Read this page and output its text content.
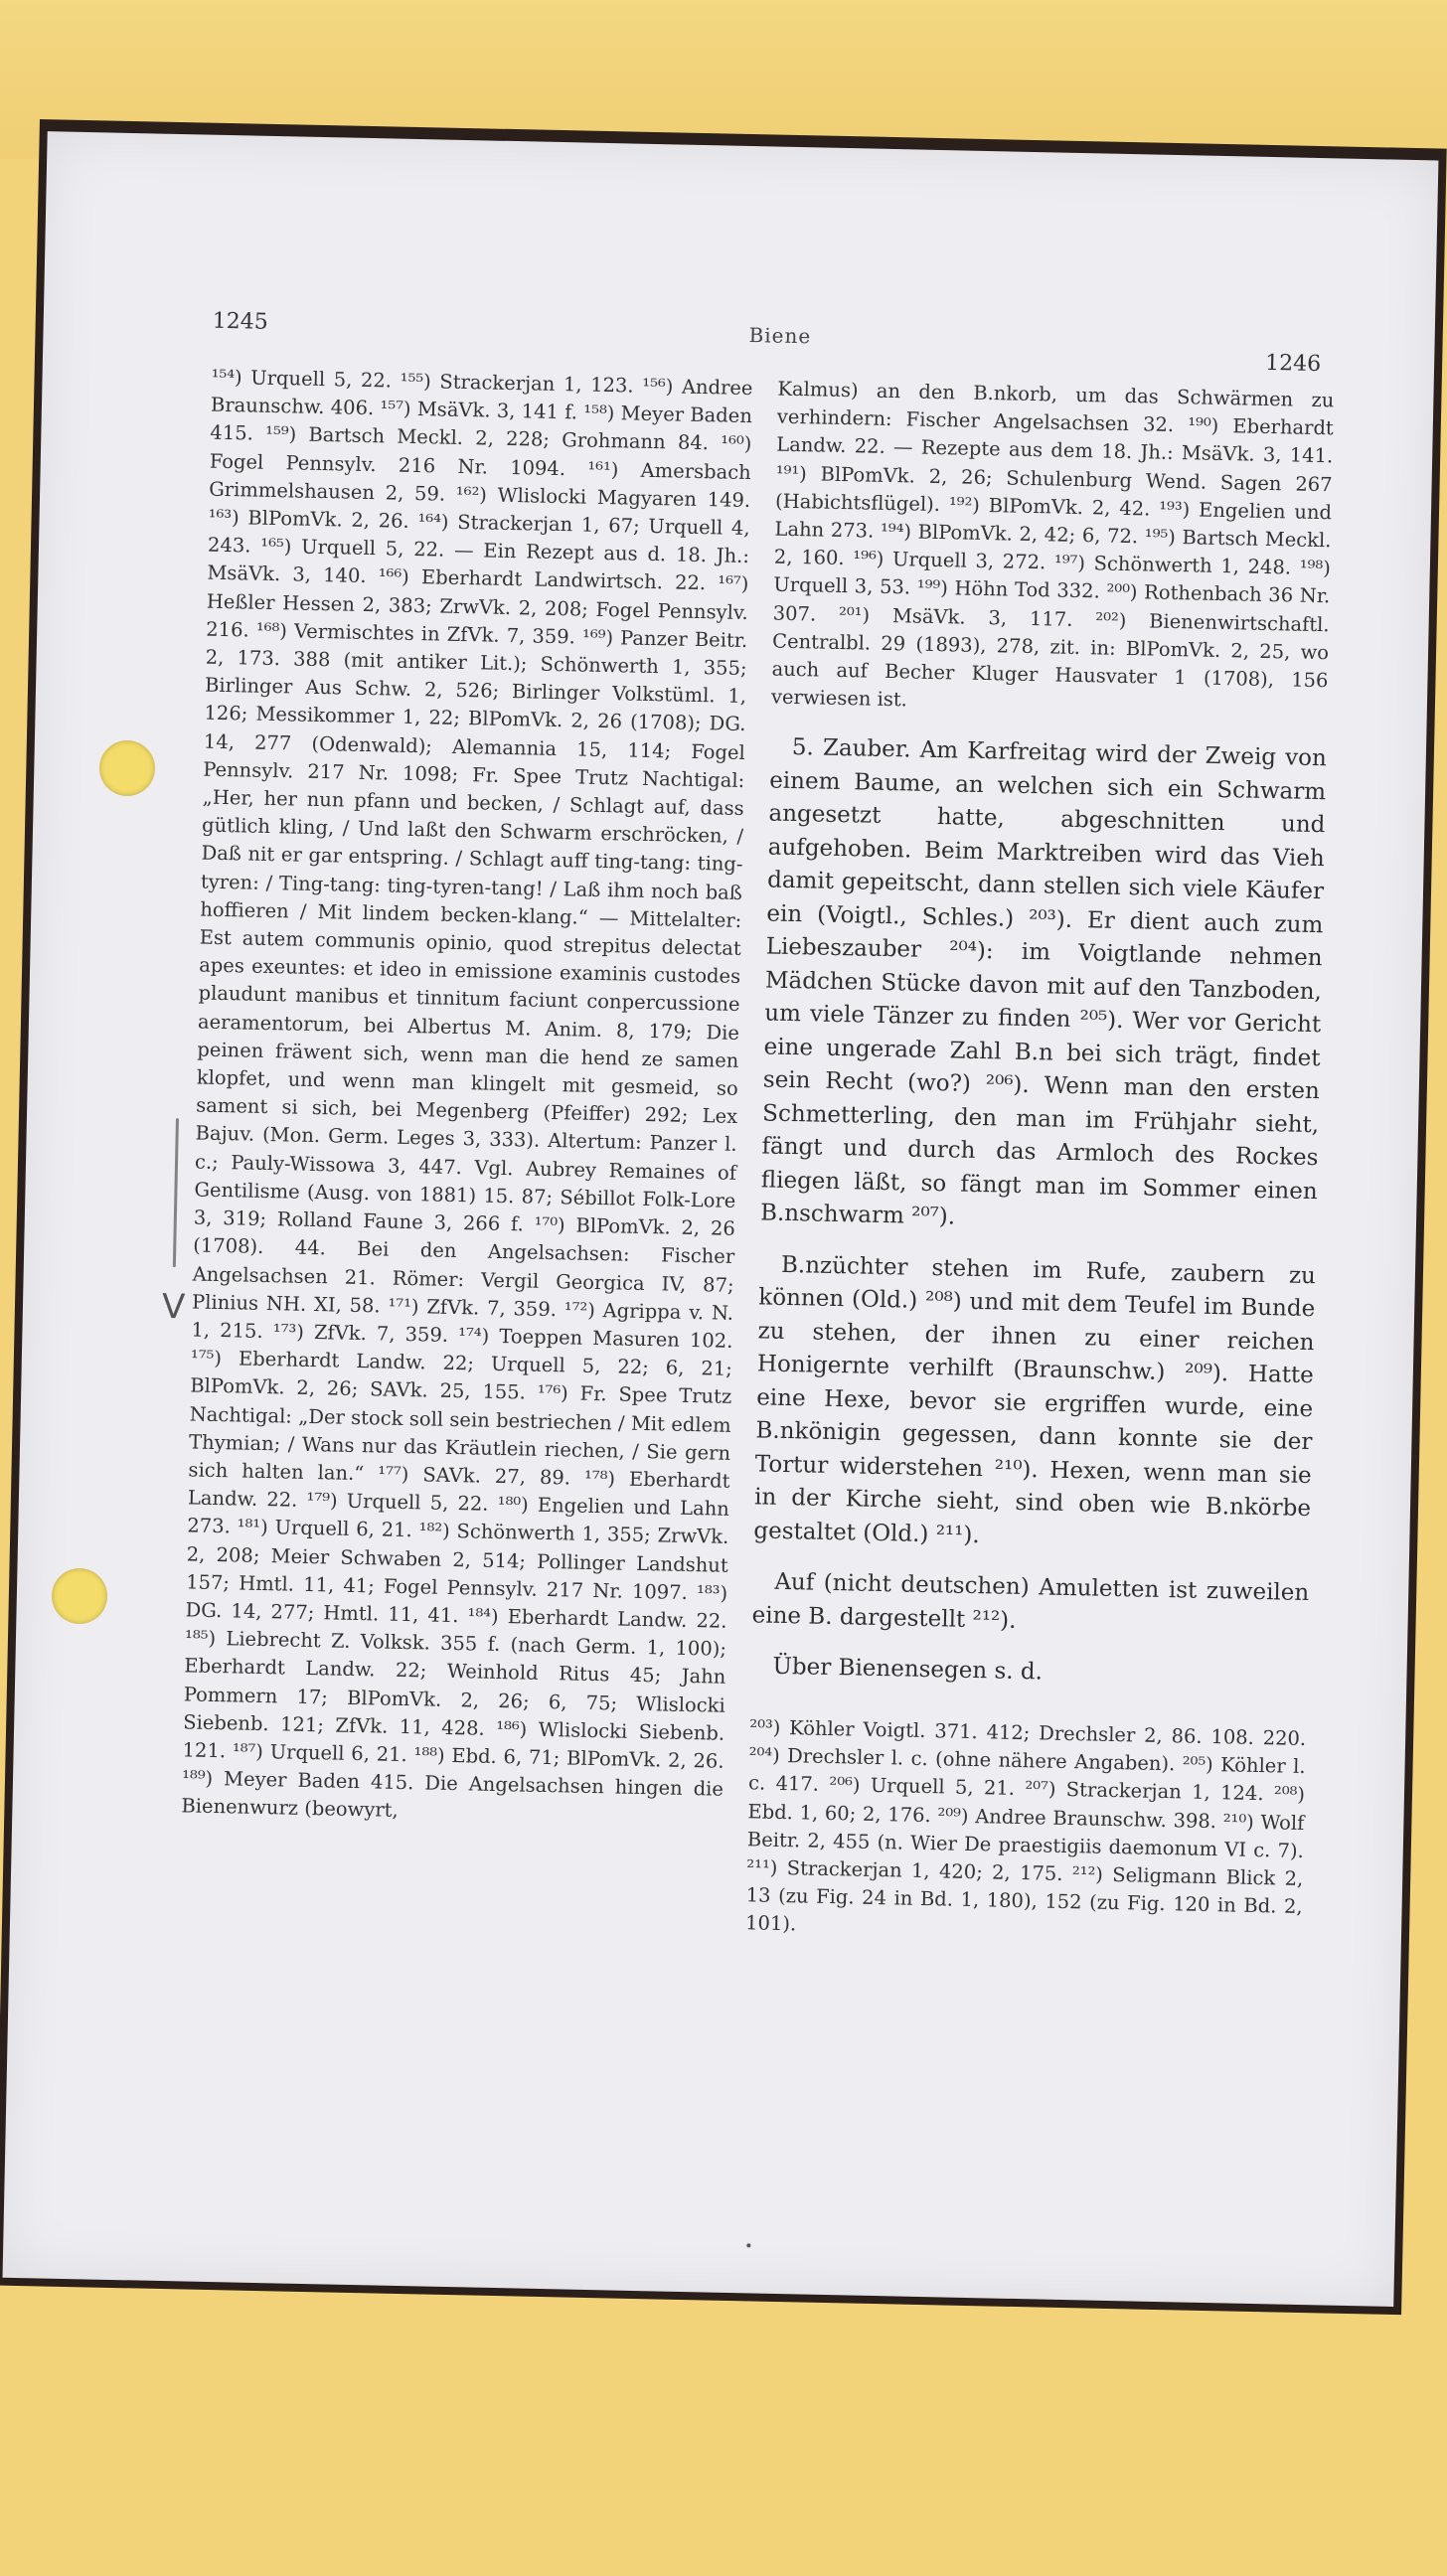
1245
Biene
1246

¹⁵⁴) Urquell 5, 22. ¹⁵⁵) Strackerjan 1, 123. ¹⁵⁶) Andree Braunschw. 406. ¹⁵⁷) MsäVk. 3, 141 f. ¹⁵⁸) Meyer Baden 415. ¹⁵⁹) Bartsch Meckl. 2, 228; Grohmann 84. ¹⁶⁰) Fogel Pennsylv. 216 Nr. 1094. ¹⁶¹) Amersbach Grimmelshausen 2, 59. ¹⁶²) Wlislocki Magyaren 149. ¹⁶³) BlPomVk. 2, 26. ¹⁶⁴) Strackerjan 1, 67; Urquell 4, 243. ¹⁶⁵) Urquell 5, 22. — Ein Rezept aus d. 18. Jh.: MsäVk. 3, 140. ¹⁶⁶) Eberhardt Landwirtsch. 22. ¹⁶⁷) Heßler Hessen 2, 383; ZrwVk. 2, 208; Fogel Pennsylv. 216. ¹⁶⁸) Vermischtes in ZfVk. 7, 359. ¹⁶⁹) Panzer Beitr. 2, 173. 388 (mit antiker Lit.); Schönwerth 1, 355; Birlinger Aus Schw. 2, 526; Birlinger Volkstüml. 1, 126; Messikommer 1, 22; BlPomVk. 2, 26 (1708); DG. 14, 277 (Odenwald); Alemannia 15, 114; Fogel Pennsylv. 217 Nr. 1098; Fr. Spee Trutz Nachtigal: „Her, her nun pfann und becken, / Schlagt auf, dass gütlich kling, / Und laßt den Schwarm erschröcken, / Daß nit er gar entspring. / Schlagt auff ting-tang: ting-tyren: / Ting-tang: ting-tyren-tang! / Laß ihm noch baß hoffieren / Mit lindem becken-klang.“ — Mittelalter: Est autem communis opinio, quod strepitus delectat apes exeuntes: et ideo in emissione examinis custodes plaudunt manibus et tinnitum faciunt conpercussione aeramentorum, bei Albertus M. Anim. 8, 179; Die peinen fräwent sich, wenn man die hend ze samen klopfet, und wenn man klingelt mit gesmeid, so sament si sich, bei Megenberg (Pfeiffer) 292; Lex Bajuv. (Mon. Germ. Leges 3, 333). Altertum: Panzer l. c.; Pauly-Wissowa 3, 447. Vgl. Aubrey Remaines of Gentilisme (Ausg. von 1881) 15. 87; Sébillot Folk-Lore 3, 319; Rolland Faune 3, 266 f. ¹⁷⁰) BlPomVk. 2, 26 (1708). 44. Bei den Angelsachsen: Fischer Angelsachsen 21. Römer: Vergil Georgica IV, 87; Plinius NH. XI, 58. ¹⁷¹) ZfVk. 7, 359. ¹⁷²) Agrippa v. N. 1, 215. ¹⁷³) ZfVk. 7, 359. ¹⁷⁴) Toeppen Masuren 102. ¹⁷⁵) Eberhardt Landw. 22; Urquell 5, 22; 6, 21; BlPomVk. 2, 26; SAVk. 25, 155. ¹⁷⁶) Fr. Spee Trutz Nachtigal: „Der stock soll sein bestriechen / Mit edlem Thymian; / Wans nur das Kräutlein riechen, / Sie gern sich halten lan.“ ¹⁷⁷) SAVk. 27, 89. ¹⁷⁸) Eberhardt Landw. 22. ¹⁷⁹) Urquell 5, 22. ¹⁸⁰) Engelien und Lahn 273. ¹⁸¹) Urquell 6, 21. ¹⁸²) Schönwerth 1, 355; ZrwVk. 2, 208; Meier Schwaben 2, 514; Pollinger Landshut 157; Hmtl. 11, 41; Fogel Pennsylv. 217 Nr. 1097. ¹⁸³) DG. 14, 277; Hmtl. 11, 41. ¹⁸⁴) Eberhardt Landw. 22. ¹⁸⁵) Liebrecht Z. Volksk. 355 f. (nach Germ. 1, 100); Eberhardt Landw. 22; Weinhold Ritus 45; Jahn Pommern 17; BlPomVk. 2, 26; 6, 75; Wlislocki Siebenb. 121; ZfVk. 11, 428. ¹⁸⁶) Wlislocki Siebenb. 121. ¹⁸⁷) Urquell 6, 21. ¹⁸⁸) Ebd. 6, 71; BlPomVk. 2, 26. ¹⁸⁹) Meyer Baden 415. Die Angelsachsen hingen die Bienenwurz (beowyrt,

Kalmus) an den B.nkorb, um das Schwärmen zu verhindern: Fischer Angelsachsen 32. ¹⁹⁰) Eberhardt Landw. 22. — Rezepte aus dem 18. Jh.: MsäVk. 3, 141. ¹⁹¹) BlPomVk. 2, 26; Schulenburg Wend. Sagen 267 (Habichtsflügel). ¹⁹²) BlPomVk. 2, 42. ¹⁹³) Engelien und Lahn 273. ¹⁹⁴) BlPomVk. 2, 42; 6, 72. ¹⁹⁵) Bartsch Meckl. 2, 160. ¹⁹⁶) Urquell 3, 272. ¹⁹⁷) Schönwerth 1, 248. ¹⁹⁸) Urquell 3, 53. ¹⁹⁹) Höhn Tod 332. ²⁰⁰) Rothenbach 36 Nr. 307. ²⁰¹) MsäVk. 3, 117. ²⁰²) Bienenwirtschaftl. Centralbl. 29 (1893), 278, zit. in: BlPomVk. 2, 25, wo auch auf Becher Kluger Hausvater 1 (1708), 156 verwiesen ist.

5. Zauber. Am Karfreitag wird der Zweig von einem Baume, an welchen sich ein Schwarm angesetzt hatte, abgeschnitten und aufgehoben. Beim Marktreiben wird das Vieh damit gepeitscht, dann stellen sich viele Käufer ein (Voigtl., Schles.) ²⁰³). Er dient auch zum Liebeszauber ²⁰⁴): im Voigtlande nehmen Mädchen Stücke davon mit auf den Tanzboden, um viele Tänzer zu finden ²⁰⁵). Wer vor Gericht eine ungerade Zahl B.n bei sich trägt, findet sein Recht (wo?) ²⁰⁶). Wenn man den ersten Schmetterling, den man im Frühjahr sieht, fängt und durch das Armloch des Rockes fliegen läßt, so fängt man im Sommer einen B.nschwarm ²⁰⁷).

B.nzüchter stehen im Rufe, zaubern zu können (Old.) ²⁰⁸) und mit dem Teufel im Bunde zu stehen, der ihnen zu einer reichen Honigernte verhilft (Braunschw.) ²⁰⁹). Hatte eine Hexe, bevor sie ergriffen wurde, eine B.nkönigin gegessen, dann konnte sie der Tortur widerstehen ²¹⁰). Hexen, wenn man sie in der Kirche sieht, sind oben wie B.nkörbe gestaltet (Old.) ²¹¹).

Auf (nicht deutschen) Amuletten ist zuweilen eine B. dargestellt ²¹²).

Über Bienensegen s. d.

²⁰³) Köhler Voigtl. 371. 412; Drechsler 2, 86. 108. 220. ²⁰⁴) Drechsler l. c. (ohne nähere Angaben). ²⁰⁵) Köhler l. c. 417. ²⁰⁶) Urquell 5, 21. ²⁰⁷) Strackerjan 1, 124. ²⁰⁸) Ebd. 1, 60; 2, 176. ²⁰⁹) Andree Braunschw. 398. ²¹⁰) Wolf Beitr. 2, 455 (n. Wier De praestigiis daemonum VI c. 7). ²¹¹) Strackerjan 1, 420; 2, 175. ²¹²) Seligmann Blick 2, 13 (zu Fig. 24 in Bd. 1, 180), 152 (zu Fig. 120 in Bd. 2, 101).

V
